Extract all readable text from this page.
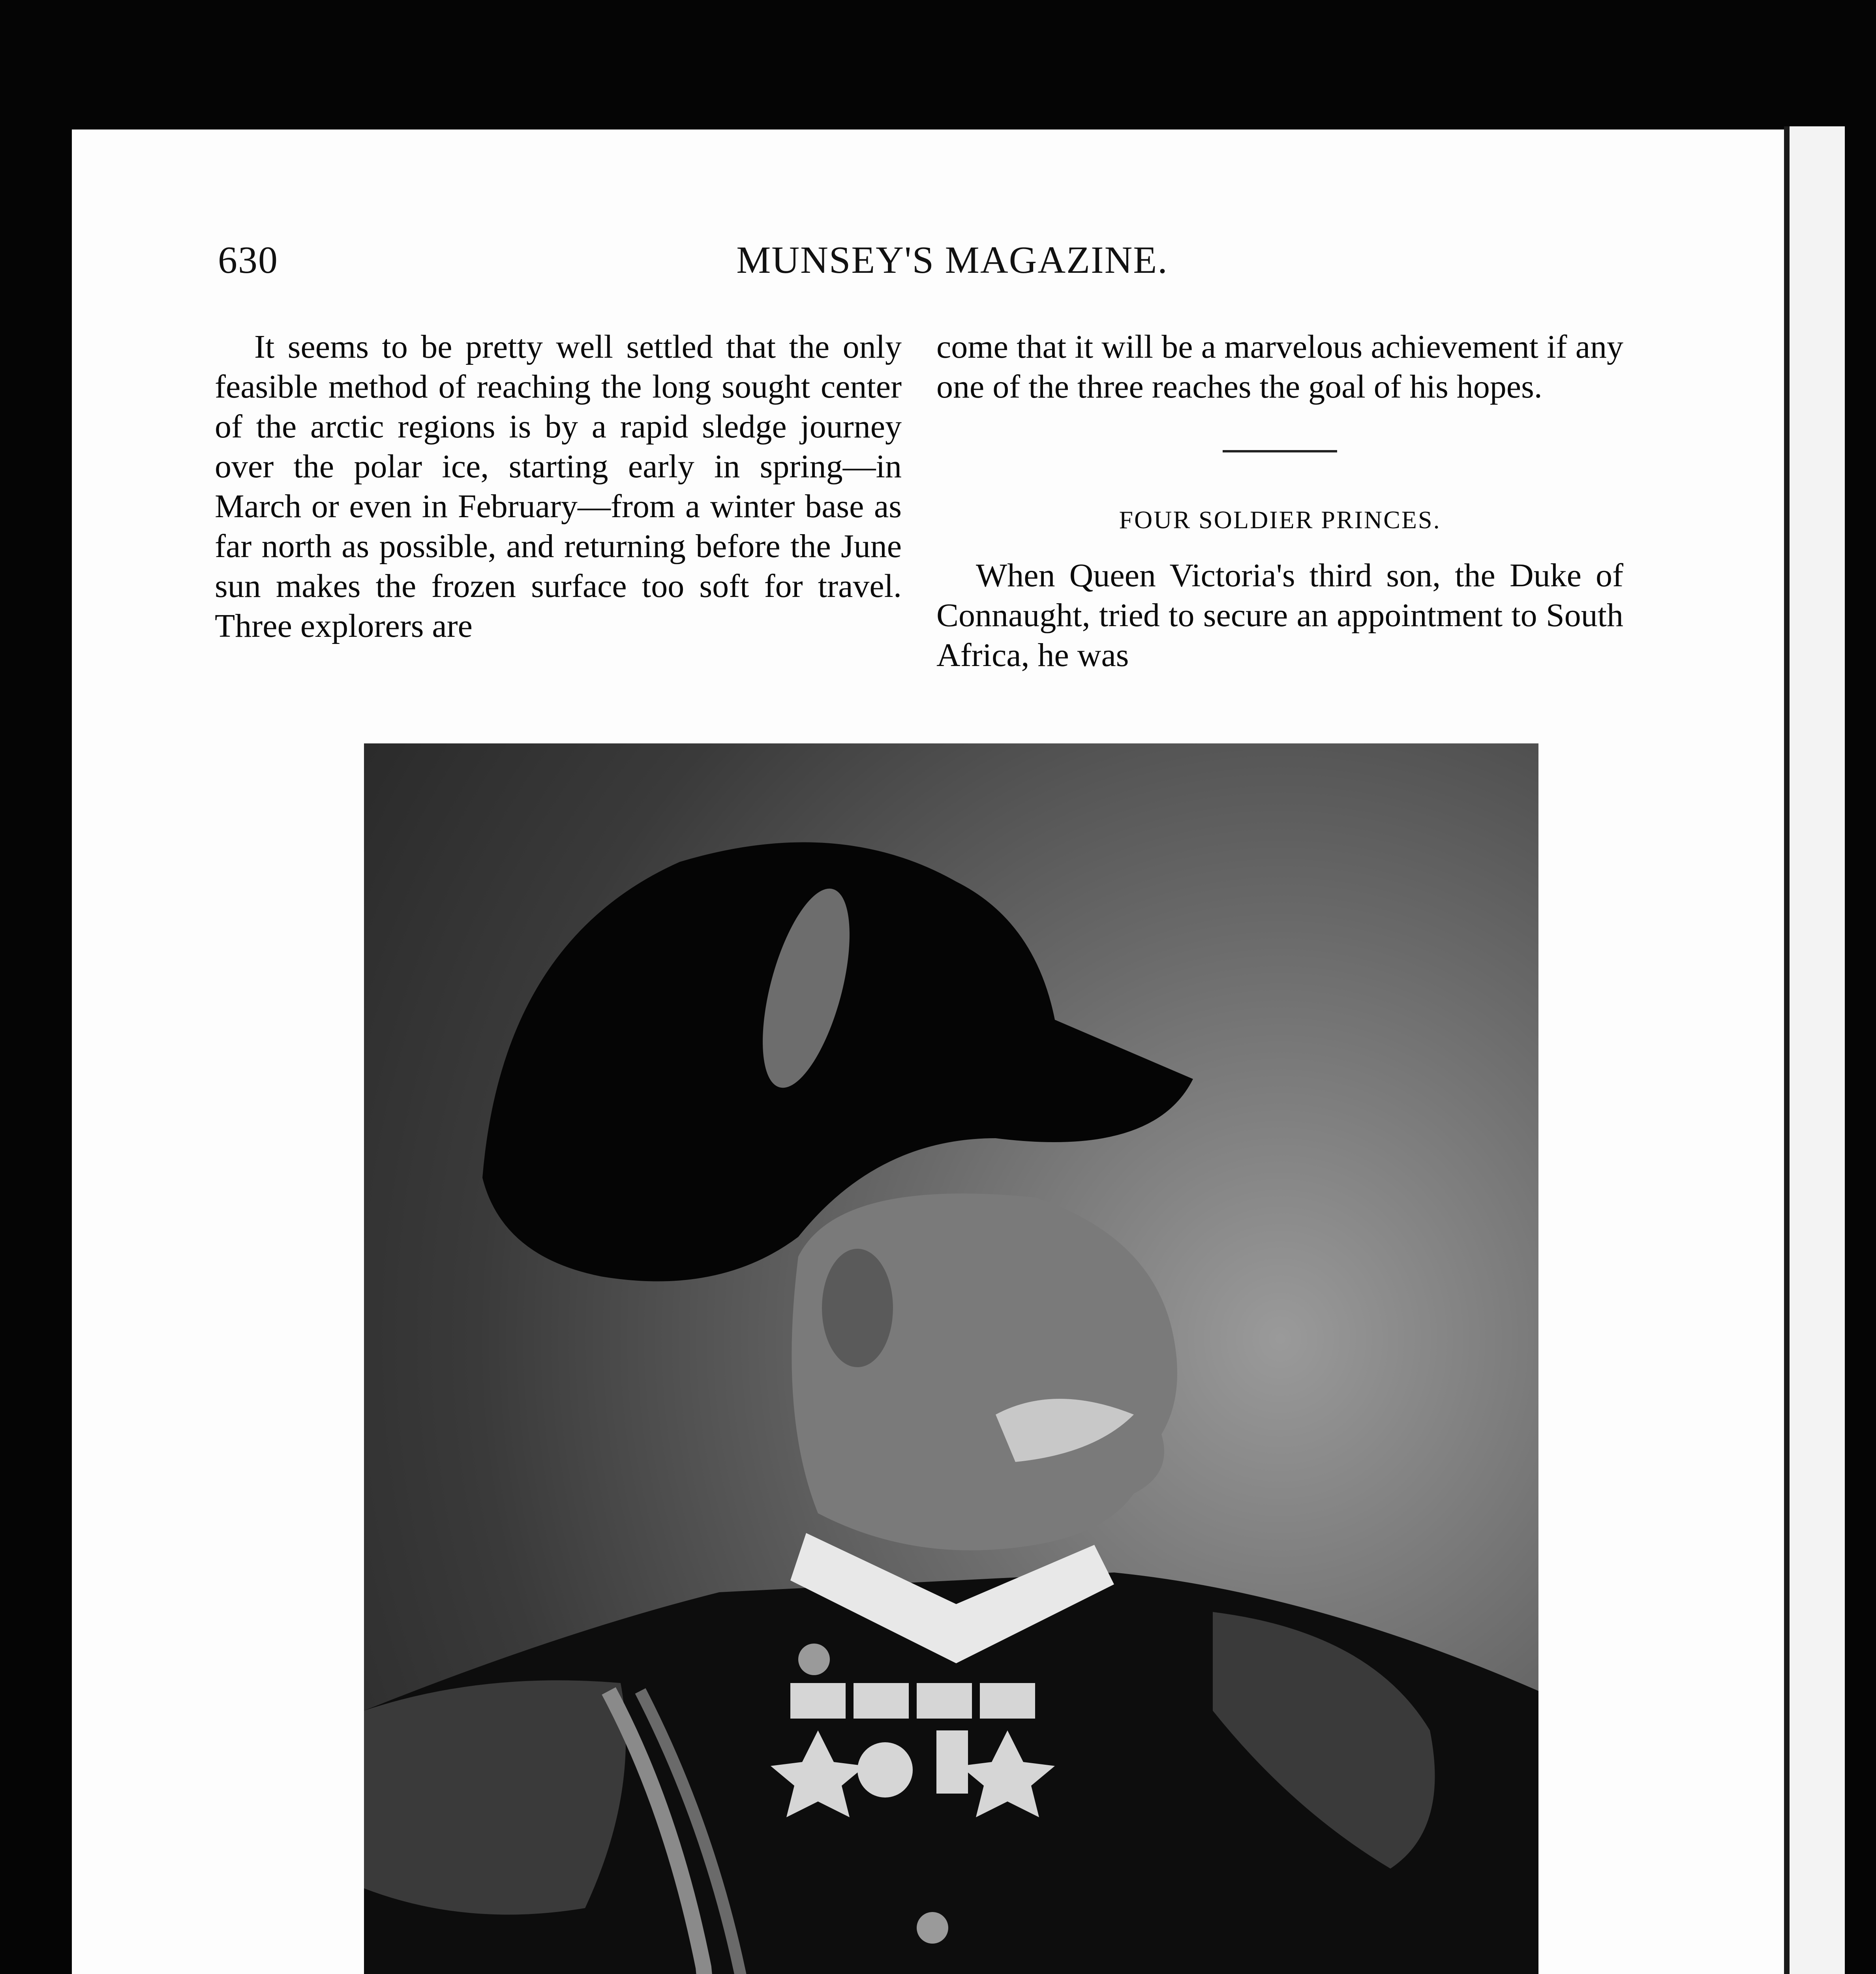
630	MUNSEY'S MAGAZINE.

It seems to be pretty well settled that the only feasible method of reaching the long sought center of the arctic regions is by a rapid sledge journey over the polar ice, starting early in spring—in March or even in February—from a winter base as far north as possible, and returning before the June sun makes the frozen surface too soft for travel. Three explorers are

come that it will be a marvelous achievement if any one of the three reaches the goal of his hopes.

FOUR SOLDIER PRINCES.

When Queen Victoria's third son, the Duke of Connaught, tried to secure an appointment to South Africa, he was
